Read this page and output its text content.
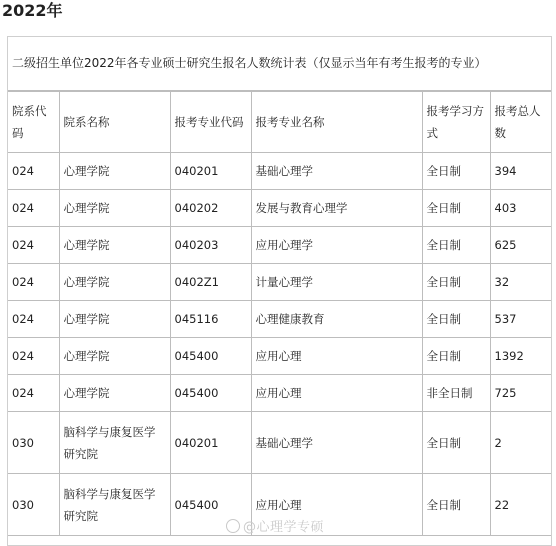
2022年
二级招生单位2022年各专业硕士研究生报名人数统计表（仅显示当年有考生报考的专业）
院系代码	院系名称	报考专业代码	报考专业名称	报考学习方式	报考总人数
024	心理学院	040201	基础心理学	全日制	394
024	心理学院	040202	发展与教育心理学	全日制	403
024	心理学院	040203	应用心理学	全日制	625
024	心理学院	0402Z1	计量心理学	全日制	32
024	心理学院	045116	心理健康教育	全日制	537
024	心理学院	045400	应用心理	全日制	1392
024	心理学院	045400	应用心理	非全日制	725
030	脑科学与康复医学研究院	040201	基础心理学	全日制	2
030	脑科学与康复医学研究院	045400	应用心理	全日制	22
@心理学专硕
